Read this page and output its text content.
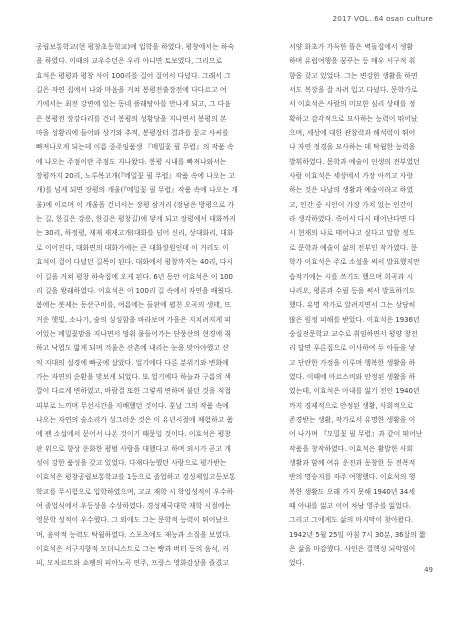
2017 VOL. 64 osan culture
공립보통학교(현 평창초등학교)에 입학을 하였다. 평창에서는 하숙
을 하였다. 이때의 교우수던은 우리 아니면 토보였다, 그리므로
효석은 평평과 평창 사이 100리를 걸어 걸어서 다녔다. 그래서 그
길은 자연 집에서 나와 마음을 거쳐 봉평전출장전에 다다르고 여
기에서는 최전 강변에 있는 동네 플래탕아를 만나게 되고, 그 다음
은 봉평전 장강다리를 건너 봉평의 성황당을 지나면서 봉평의 본
마을 성황리에 들어와 상기와 추적, 봉평장터 결과를 묻고 사씨를
빠져나오게 되는데 이름 중주임품생 『메밀꽃 필 무렵』의 작품 속
에 나오는 주점이란 주점도 지나왔다. 봉평 시내를 빠져나와서는
장평까지 20리, 노루목고개(『메밀꽃 필 무렵』작품 속에 나오는 고
개)를 넘게 되면 장평의 개울(『메밀꽃 필 무렵』작품 속에 나오는 개
울)에 이르며 이 개울을 건너서는 장평 삼거리 (장남은 방평으로 가
는 길, 한길은 강릉, 한길은 평창길)에 닿게 되고 장평에서 대화까지
는 30리, 하정평, 재재 재재고개(대화를 넘어 신리, 상대화리, 대화
로 이어진다, 대화면의 대화가에는 큰 대화장원인데 이 거리도 이
효석이 걸어 다녔던 길목이 된다. 대화에서 평창까지는 40리, 다시
이 길을 거쳐 평창 하숙집에 오게 된다. 6년 동안 이효석은 이 100
리 길을 왕래하였다. 이효석은 이 100리 길 속에서 자연을 배웠다.
봄에는 봇제는 동산구비를, 여름에는 들판에 펼친 오곡의 생태, 뜨
거운 햇빛, 소나기, 숲의 싱싱함을 바라보며 가을은 지치려지게 피
어있는 메밀꽃밭을 지나면서 멈춰 물들어가는 단풍산의 현경에 취
하고 낙엽도 밟게 되며 겨울은 산촌에 내리는 눈을 맞아야했고 산
익 지대의 설경에 빠궁에 살았다. 얼기에다 다른 분위기와 변화에
가는 자연의 순환을 맞보게 되었다. 또 얼기에다 하늘과 구름의 색
깔이 다르게 변하였고, 바람결 또한 그렇게 변하며 불던 것을 직접
피부로 느끼며 무선시간을 지배했던 것이다. 훗날 그의 작품 속에
나오는 자연의 술소리가 싱그러운 것은 이 유년시절에 체험하고 품
에 팬 소설에서 묻어서 나온 것이기 때문일 것이다. 이효석은 평창
판 위으로 향상 운화한 평범 사람을 대했다고 하며 외시가 곧고 개
성이 강한 품성을 갖고 있었다. 다재다능했던 사람으로 평가받는
이효석은 평창공립보통학교를 1등으로 졸업하고 경성제일고등보통
학교를 무시험으로 입학하였으며, 고교 재학 시 학업성적이 우수하
여 졸업식에서 우등상을 수상하였다. 경성제국대학 재학 시절에는
영문학 성적이 우수했다. 그 외에도 그는 문학적 능력이 뛰어났으
며, 음악적 능력도 탁월하였다. 스포츠에도 재능과 소질을 보였다.
이효석은 서구지향적 모더니스트로 그는 빵과 버터 등의 음식, 커
피, 모차르트와 쇼팽의 피아노곡 연주, 프랑스 영화감상을 즐겼고
서양 화초가 가득한 뜰은 벽돌집에서 생활
하며 유럽여행을 꿈꾸는 등 매우 서구적 취
향을 갖고 있었다. 그는 변강한 생활을 하면
서도 복장을 잘 차려 입고 다녔다. 문학가로
서 이효석은 사람의 미묘한 심리 상태를 정
확하고 감각적으로 묘사하는 능력이 뛰어났
으며, 세상에 대한 관찰력과 해석력이 뛰어
나 자연 정경을 묘사하는 데 탁월한 능력을
발휘하였다. 문학과 예술이 인생의 전부였던
사람 이효석은 세상에서 가장 아끼고 사랑
하는 것은 나날의 생활과 예술이라고 하였
고, 인간 중 시인이 가장 가치 있는 인간이
라 생각하였다. 죽어서 다시 태어난다면 다
시 현재의 나로 태어나고 싶다고 말할 정도
로 문학과 예술이 삶의 전부인 작가였다. 문
학가 이효석은 주로 소설을 써서 발표했지만
습작기에는 시를 쓰기도 했으며 희곡과 시
나리오, 평론과 수필 등을 써서 발표하기도
했다. 유명 작가로 알려지면서 그는 상당히
많은 원정 피해를 받았다. 이효석은 1936년
숭실전문학교 교수로 취임하면서 평양 창전
리 달면 푸른집으로 이사하여 두 아들을 낳
고 단란한 가정을 이루며 행복한 생활을 하
였다. 이때에 아르스비와 안정된 생활을 하
였는데, 이효석은 아내를 잃기 전인 1940년
까지 경제적으로 안정된 생활, 사회적으로
존경받는 생활, 작가로서 유명한 생활을 이
어 나가며 『모밀꽃 필 무렵』과 같이 뛰어난
작품을 창작하였다. 이효석은 활발한 사회
생활과 함께 여유 운전과 동창한 등 전폭적
반의 명승지를 자주 여행했다. 이효석의 행
복한 생활도 오래 가지 못해 1940년 34세
때 아내를 잃고 이어 차남 영주를 잃었다.
그리고 그에게도 삶의 마지막이 찾아왔다.
1942년 5월 25일 아침 7시 30분, 36살의 짧
은 삶을 마감했다. 사인은 결핵성 뇌막염이
었다.
49
